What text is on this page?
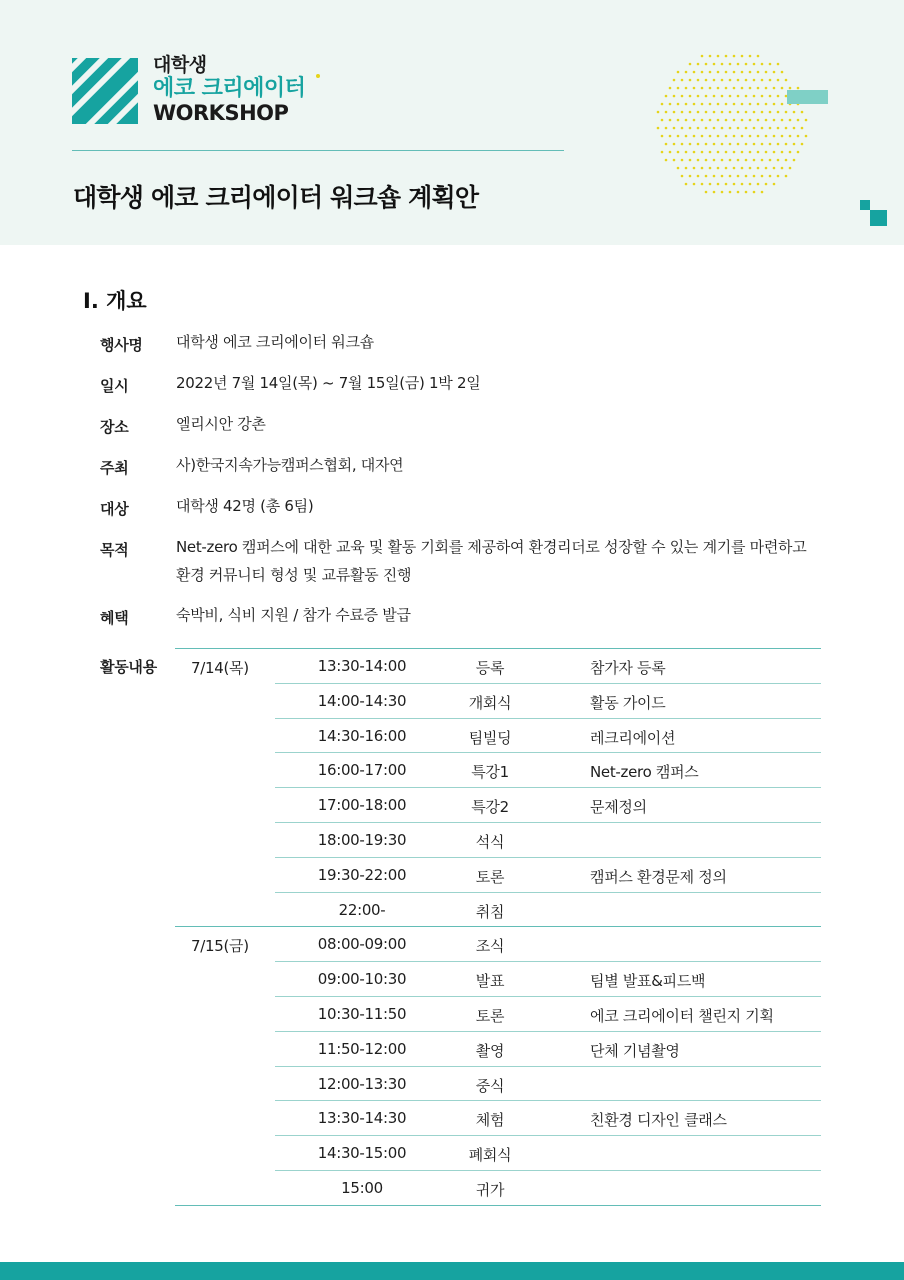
대학생
에코 크리에이터
WORKSHOP
대학생 에코 크리에이터 워크숍 계획안
Ⅰ. 개요
행사명	대학생 에코 크리에이터 워크숍
일시	2022년 7월 14일(목) ~ 7월 15일(금) 1박 2일
장소	엘리시안 강촌
주최	사)한국지속가능캠퍼스협회, 대자연
대상	대학생 42명 (총 6팀)
목적	Net-zero 캠퍼스에 대한 교육 및 활동 기회를 제공하여 환경리더로 성장할 수 있는 계기를 마련하고
환경 커뮤니티 형성 및 교류활동 진행
혜택	숙박비, 식비 지원 / 참가 수료증 발급
활동내용	7/14(목)	13:30-14:00	등록	참가자 등록
14:00-14:30	개회식	활동 가이드
14:30-16:00	팀빌딩	레크리에이션
16:00-17:00	특강1	Net-zero 캠퍼스
17:00-18:00	특강2	문제정의
18:00-19:30	석식
19:30-22:00	토론	캠퍼스 환경문제 정의
22:00-	취침
7/15(금)	08:00-09:00	조식
09:00-10:30	발표	팀별 발표&피드백
10:30-11:50	토론	에코 크리에이터 챌린지 기획
11:50-12:00	촬영	단체 기념촬영
12:00-13:30	중식
13:30-14:30	체험	친환경 디자인 클래스
14:30-15:00	폐회식
15:00	귀가
